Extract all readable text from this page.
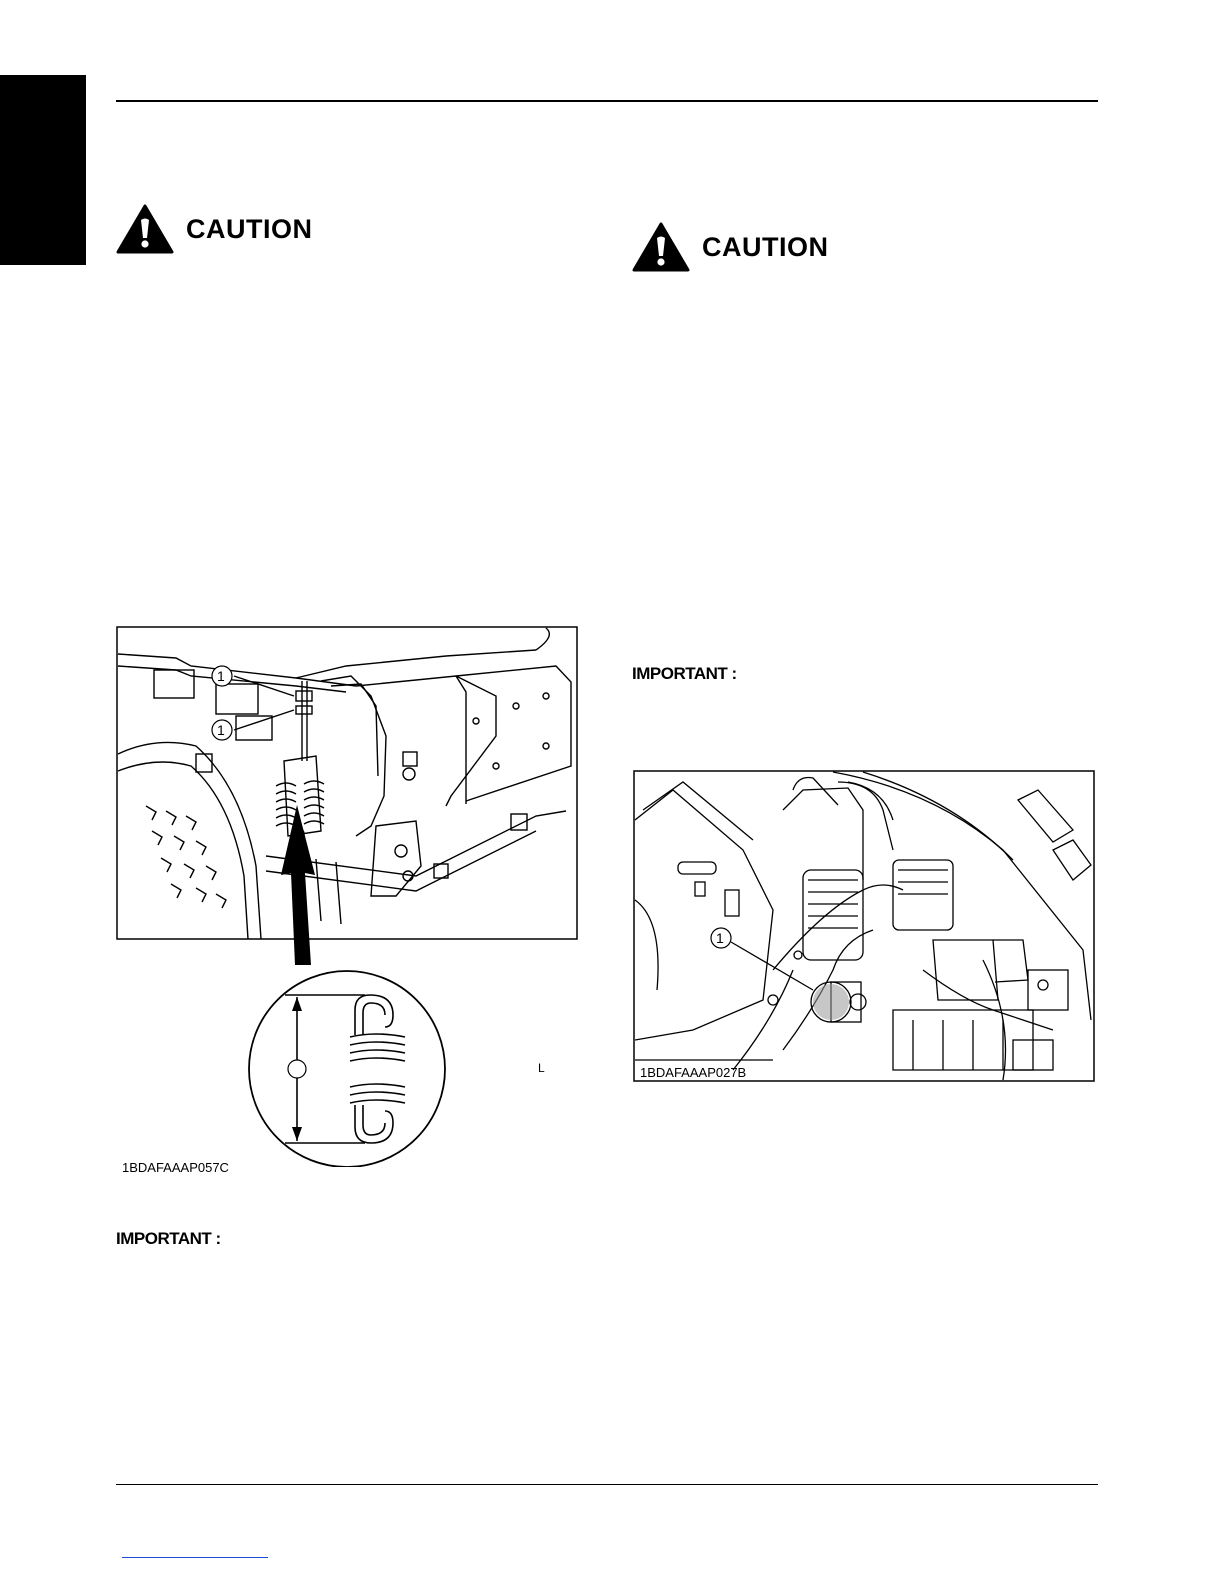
CAUTION
CAUTION
1
1
L
1BDAFAAAP057C
IMPORTANT :
IMPORTANT :
1
1BDAFAAAP027B
